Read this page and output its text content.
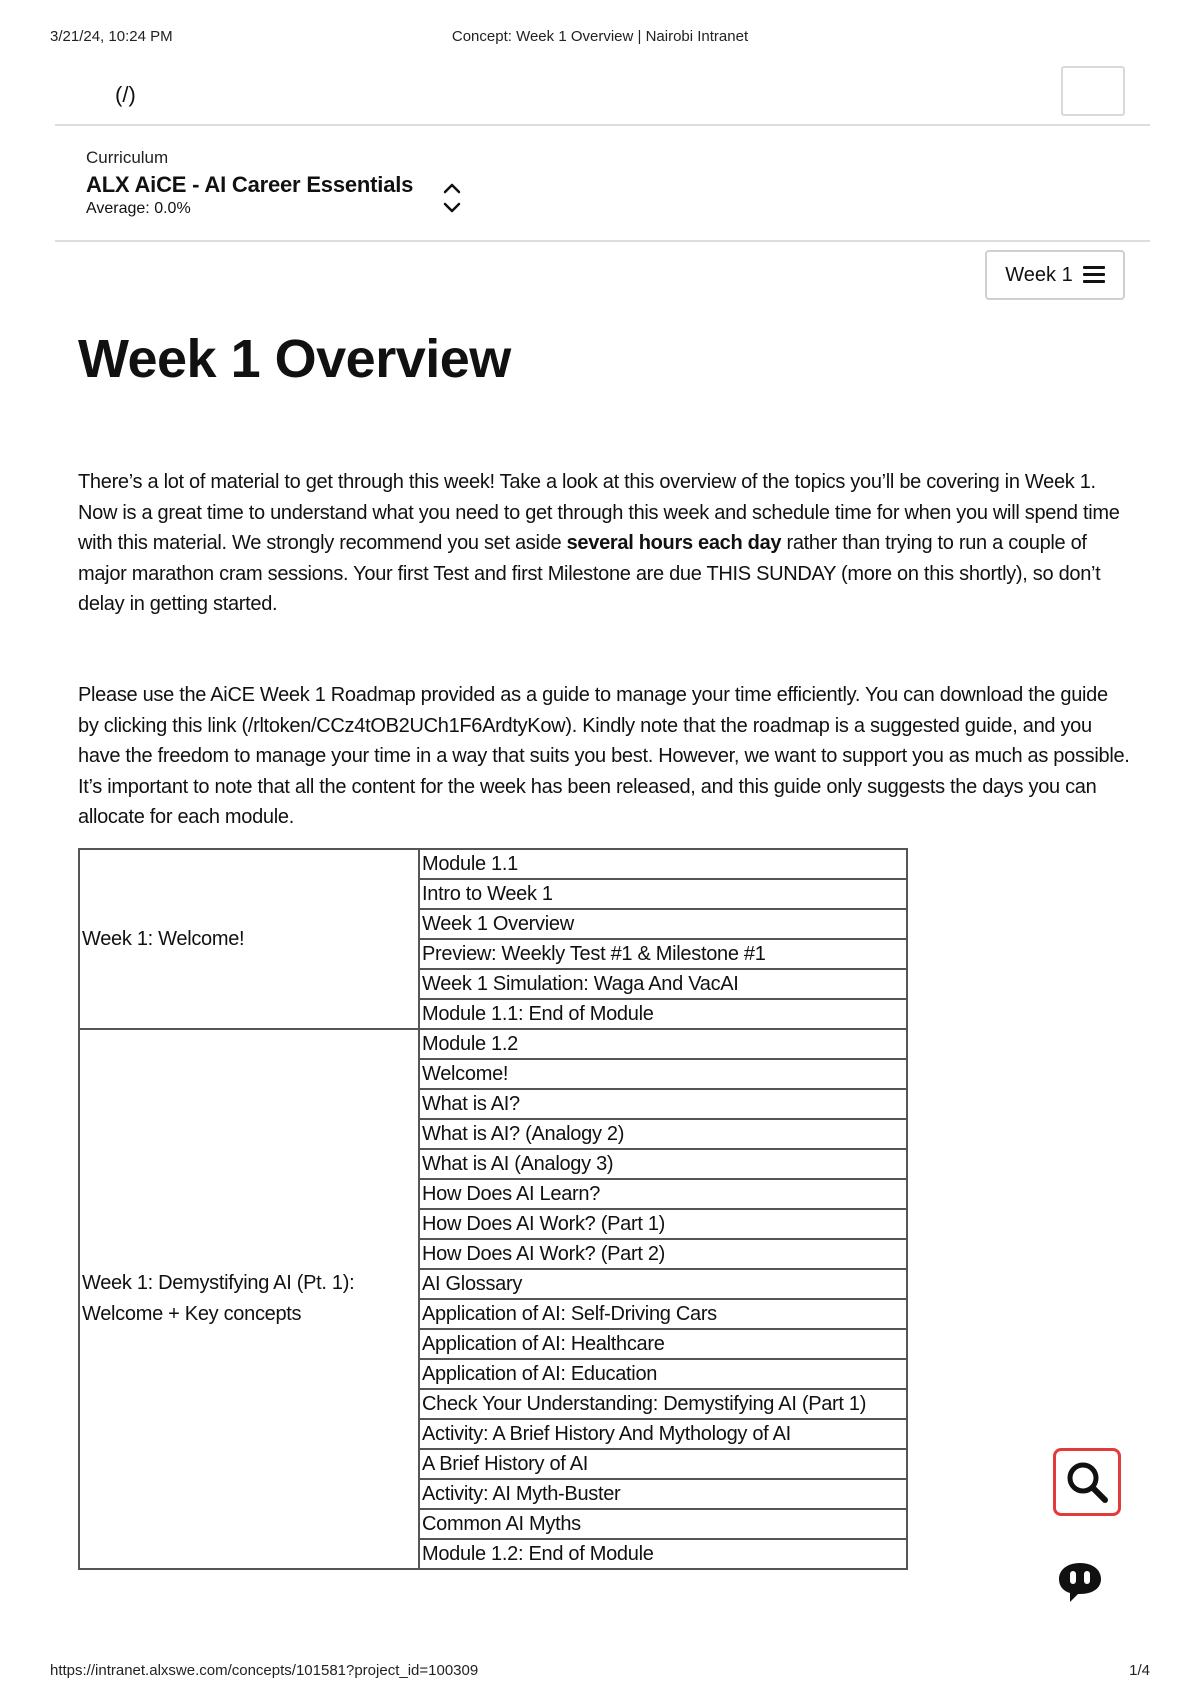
3/21/24, 10:24 PM	Concept: Week 1 Overview | Nairobi Intranet
(/)
Curriculum
ALX AiCE - AI Career Essentials
Average: 0.0%
Week 1
Week 1 Overview

There’s a lot of material to get through this week! Take a look at this overview of the topics you’ll be covering in Week 1. Now is a great time to understand what you need to get through this week and schedule time for when you will spend time with this material. We strongly recommend you set aside several hours each day rather than trying to run a couple of major marathon cram sessions. Your first Test and first Milestone are due THIS SUNDAY (more on this shortly), so don’t delay in getting started.

Please use the AiCE Week 1 Roadmap provided as a guide to manage your time efficiently. You can download the guide by clicking this link (/rltoken/CCz4tOB2UCh1F6ArdtyKow). Kindly note that the roadmap is a suggested guide, and you have the freedom to manage your time in a way that suits you best. However, we want to support you as much as possible. It’s important to note that all the content for the week has been released, and this guide only suggests the days you can allocate for each module.

Week 1: Welcome!	Module 1.1
	Intro to Week 1
	Week 1 Overview
	Preview: Weekly Test #1 & Milestone #1
	Week 1 Simulation: Waga And VacAI
	Module 1.1: End of Module
Week 1: Demystifying AI (Pt. 1): Welcome + Key concepts	Module 1.2
	Welcome!
	What is AI?
	What is AI? (Analogy 2)
	What is AI (Analogy 3)
	How Does AI Learn?
	How Does AI Work? (Part 1)
	How Does AI Work? (Part 2)
	AI Glossary
	Application of AI: Self-Driving Cars
	Application of AI: Healthcare
	Application of AI: Education
	Check Your Understanding: Demystifying AI (Part 1)
	Activity: A Brief History And Mythology of AI
	A Brief History of AI
	Activity: AI Myth-Buster
	Common AI Myths
	Module 1.2: End of Module
https://intranet.alxswe.com/concepts/101581?project_id=100309	1/4
